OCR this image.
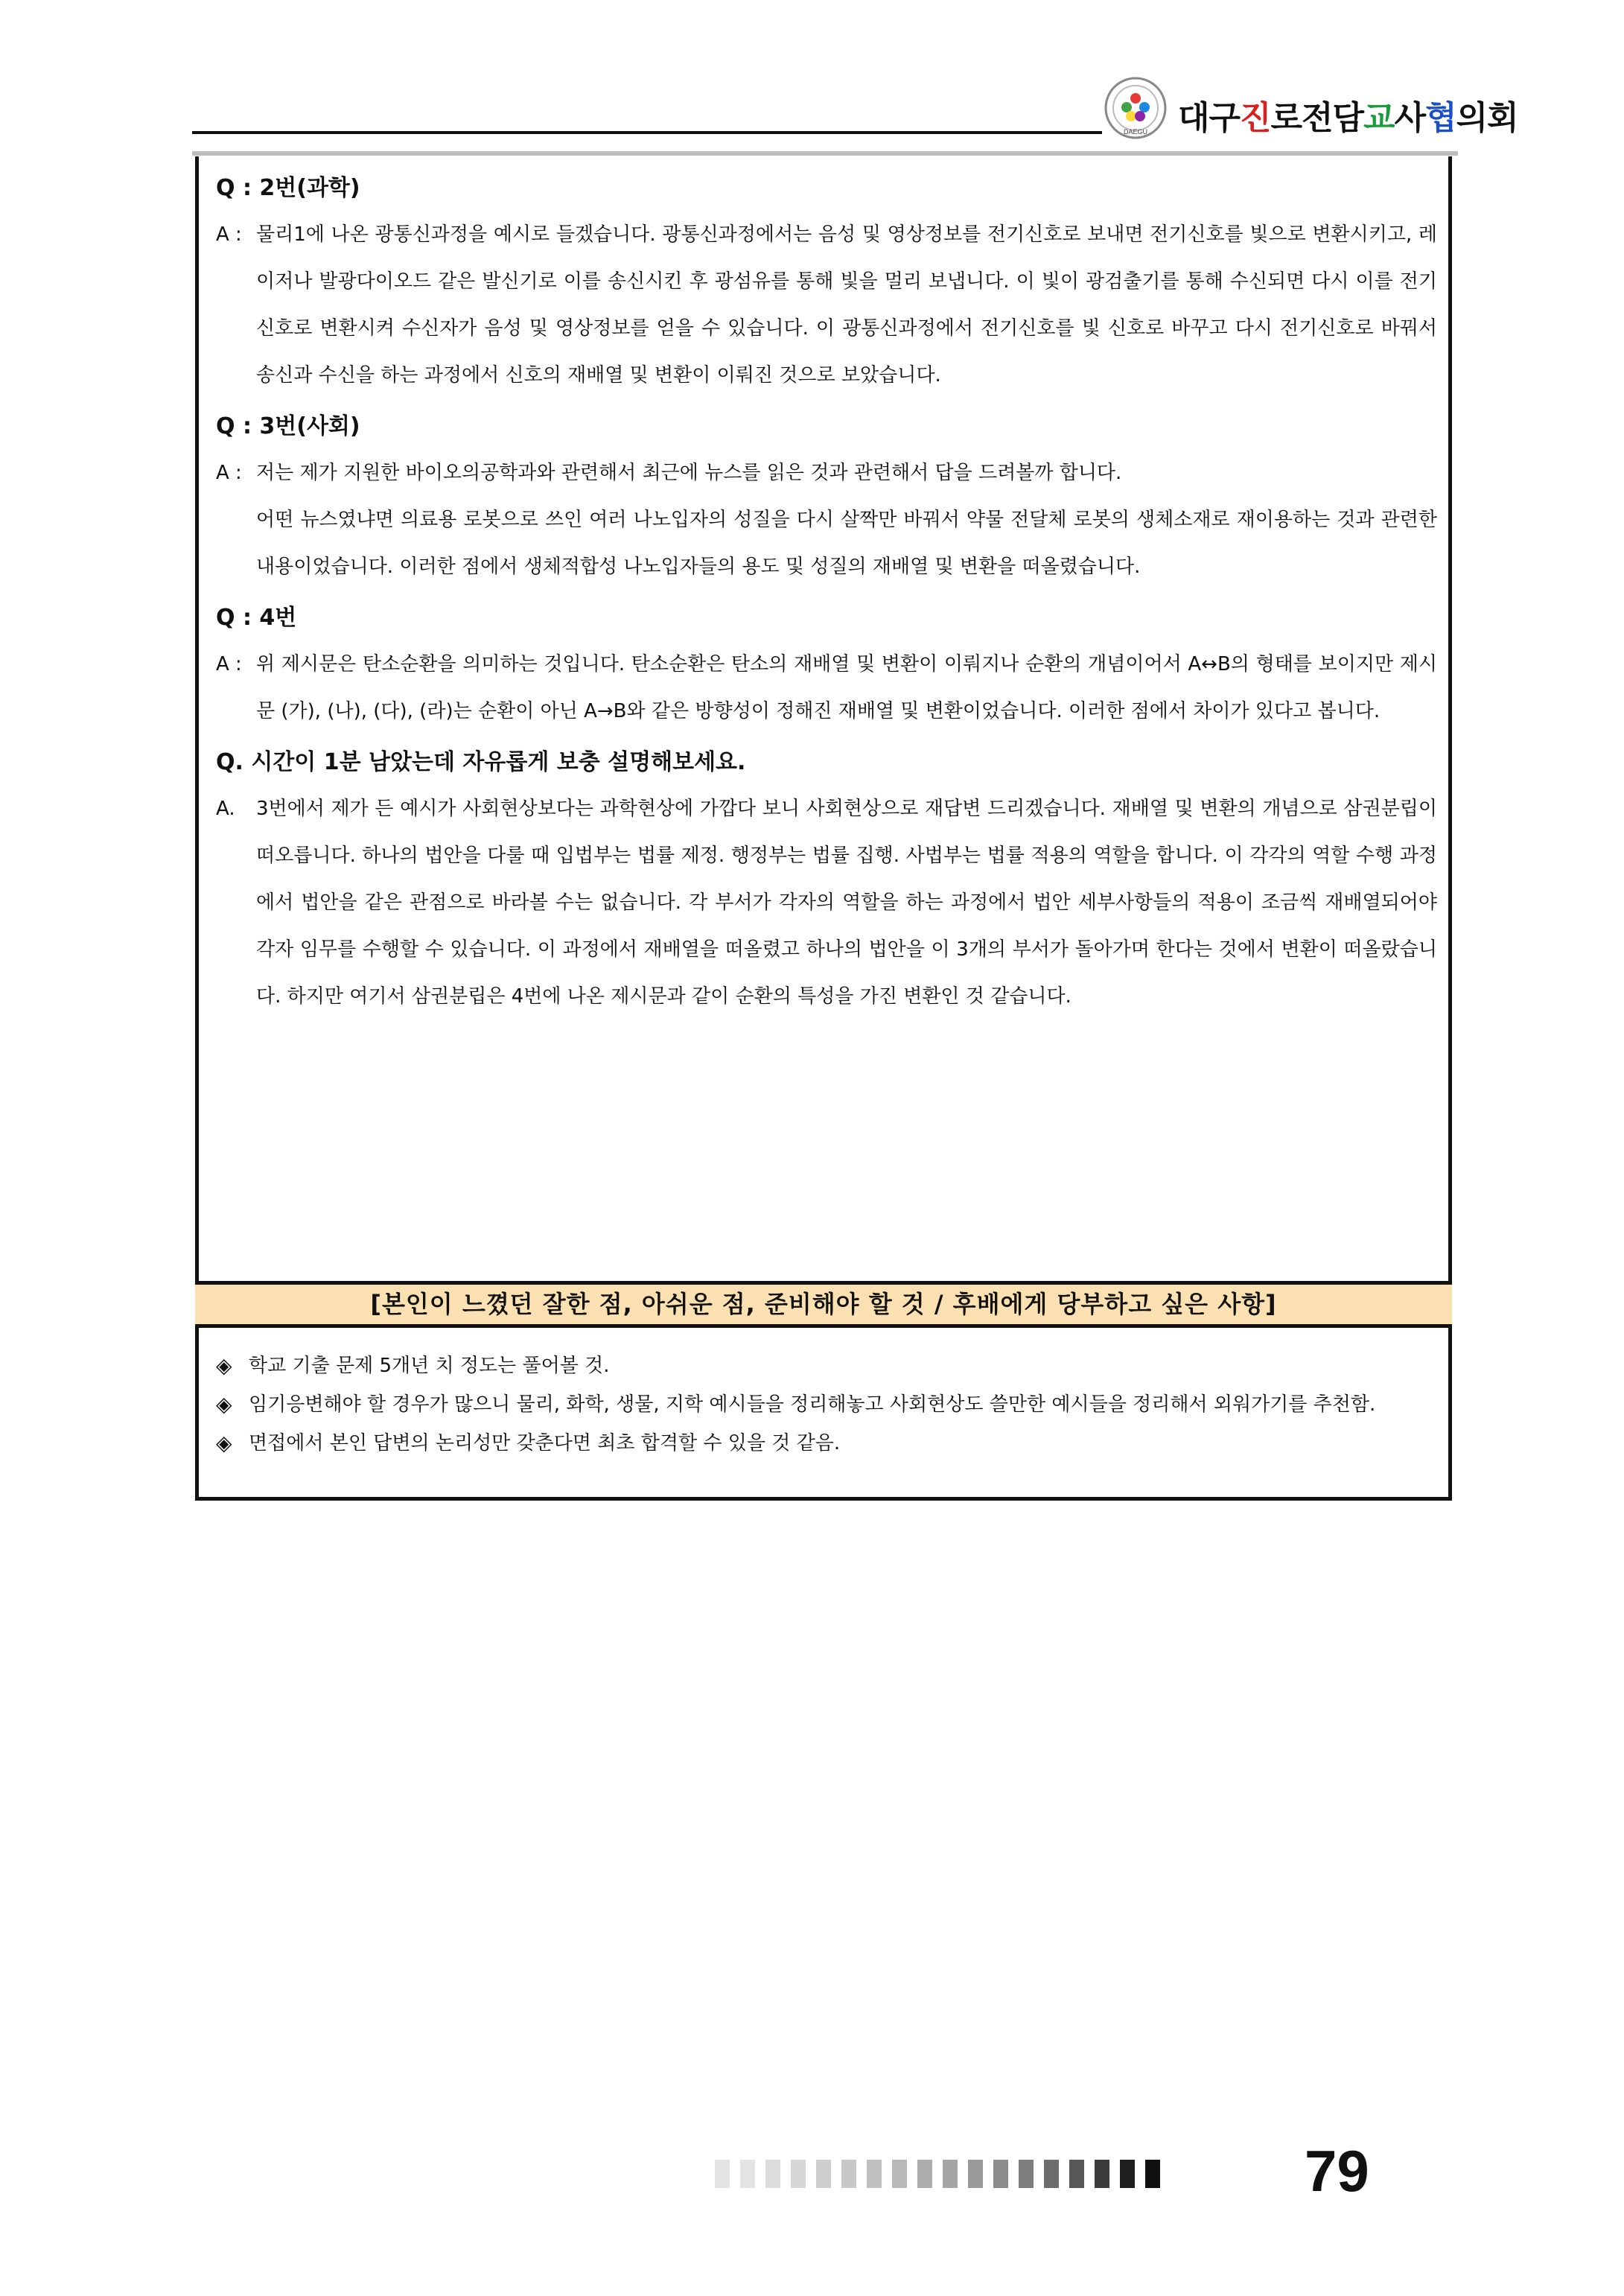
DAEGU 대구진로전담교사협의회

Q : 2번(과학)

A : 물리1에 나온 광통신과정을 예시로 들겠습니다. 광통신과정에서는 음성 및 영상정보를 전기신호로 보내면 전기신호를 빛으로 변환시키고, 레이저나 발광다이오드 같은 발신기로 이를 송신시킨 후 광섬유를 통해 빛을 멀리 보냅니다. 이 빛이 광검출기를 통해 수신되면 다시 이를 전기신호로 변환시켜 수신자가 음성 및 영상정보를 얻을 수 있습니다. 이 광통신과정에서 전기신호를 빛 신호로 바꾸고 다시 전기신호로 바꿔서 송신과 수신을 하는 과정에서 신호의 재배열 및 변환이 이뤄진 것으로 보았습니다.

Q : 3번(사회)

A : 저는 제가 지원한 바이오의공학과와 관련해서 최근에 뉴스를 읽은 것과 관련해서 답을 드려볼까 합니다.

어떤 뉴스였냐면 의료용 로봇으로 쓰인 여러 나노입자의 성질을 다시 살짝만 바꿔서 약물 전달체 로봇의 생체소재로 재이용하는 것과 관련한 내용이었습니다. 이러한 점에서 생체적합성 나노입자들의 용도 및 성질의 재배열 및 변환을 떠올렸습니다.

Q : 4번

A : 위 제시문은 탄소순환을 의미하는 것입니다. 탄소순환은 탄소의 재배열 및 변환이 이뤄지나 순환의 개념이어서 A↔B의 형태를 보이지만 제시문 (가), (나), (다), (라)는 순환이 아닌 A→B와 같은 방향성이 정해진 재배열 및 변환이었습니다. 이러한 점에서 차이가 있다고 봅니다.

Q. 시간이 1분 남았는데 자유롭게 보충 설명해보세요.

A. 3번에서 제가 든 예시가 사회현상보다는 과학현상에 가깝다 보니 사회현상으로 재답변 드리겠습니다. 재배열 및 변환의 개념으로 삼권분립이 떠오릅니다. 하나의 법안을 다룰 때 입법부는 법률 제정. 행정부는 법률 집행. 사법부는 법률 적용의 역할을 합니다. 이 각각의 역할 수행 과정에서 법안을 같은 관점으로 바라볼 수는 없습니다. 각 부서가 각자의 역할을 하는 과정에서 법안 세부사항들의 적용이 조금씩 재배열되어야 각자 임무를 수행할 수 있습니다. 이 과정에서 재배열을 떠올렸고 하나의 법안을 이 3개의 부서가 돌아가며 한다는 것에서 변환이 떠올랐습니다. 하지만 여기서 삼권분립은 4번에 나온 제시문과 같이 순환의 특성을 가진 변환인 것 같습니다.

[본인이 느꼈던 잘한 점, 아쉬운 점, 준비해야 할 것 / 후배에게 당부하고 싶은 사항]
◈ 학교 기출 문제 5개년 치 정도는 풀어볼 것.
◈ 임기응변해야 할 경우가 많으니 물리, 화학, 생물, 지학 예시들을 정리해놓고 사회현상도 쓸만한 예시들을 정리해서 외워가기를 추천함.
◈ 면접에서 본인 답변의 논리성만 갖춘다면 최초 합격할 수 있을 것 같음.
79
